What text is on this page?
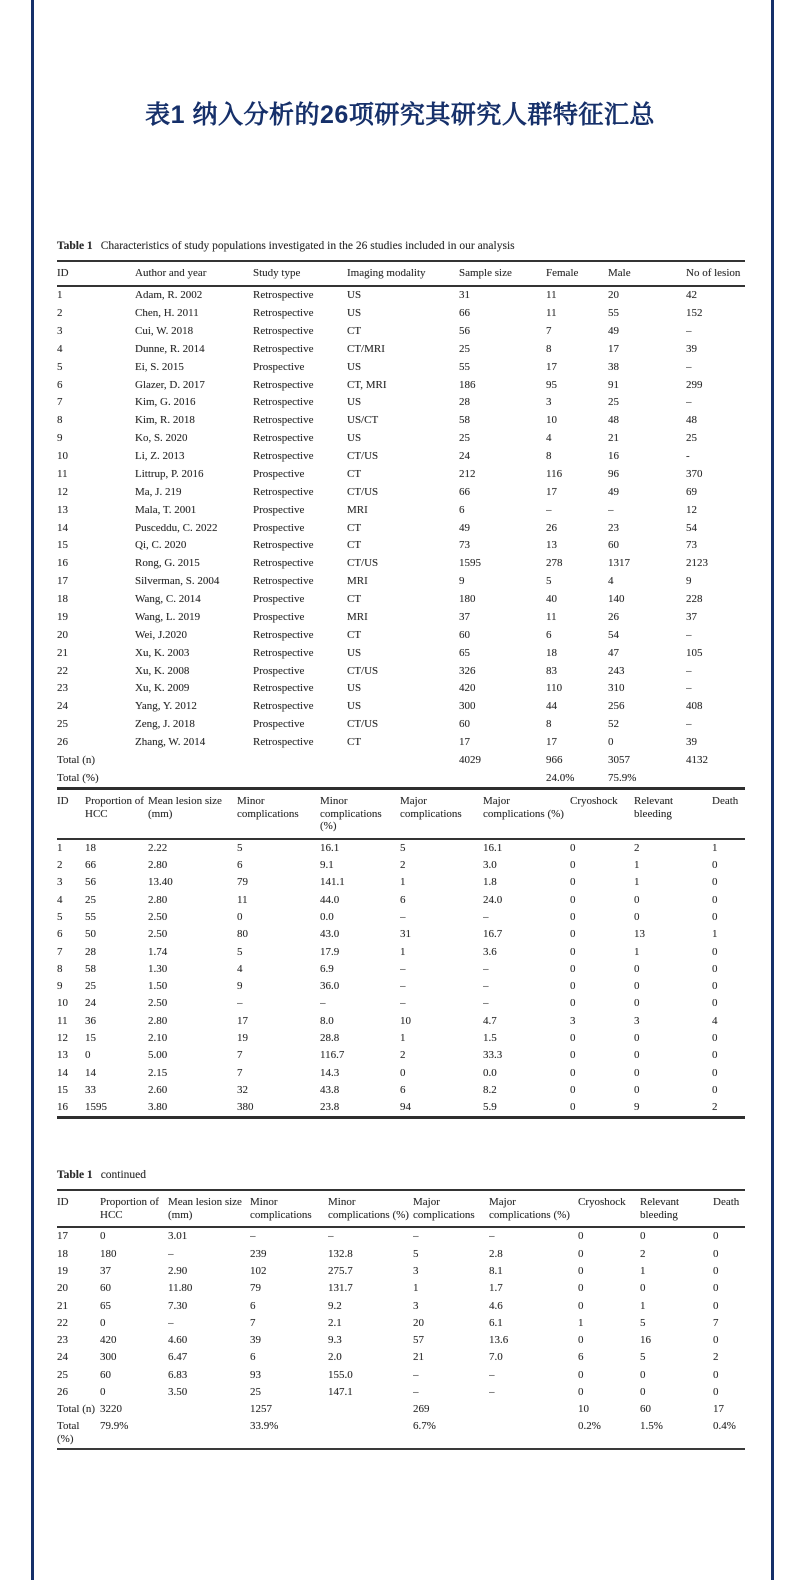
表1 纳入分析的26项研究其研究人群特征汇总

Table 1 Characteristics of study populations investigated in the 26 studies included in our analysis

ID	Author and year	Study type	Imaging modality	Sample size	Female	Male	No of lesion
1	Adam, R. 2002	Retrospective	US	31	11	20	42
2	Chen, H. 2011	Retrospective	US	66	11	55	152
3	Cui, W. 2018	Retrospective	CT	56	7	49	–
4	Dunne, R. 2014	Retrospective	CT/MRI	25	8	17	39
5	Ei, S. 2015	Prospective	US	55	17	38	–
6	Glazer, D. 2017	Retrospective	CT, MRI	186	95	91	299
7	Kim, G. 2016	Retrospective	US	28	3	25	–
8	Kim, R. 2018	Retrospective	US/CT	58	10	48	48
9	Ko, S. 2020	Retrospective	US	25	4	21	25
10	Li, Z. 2013	Retrospective	CT/US	24	8	16	-
11	Littrup, P. 2016	Prospective	CT	212	116	96	370
12	Ma, J. 219	Retrospective	CT/US	66	17	49	69
13	Mala, T. 2001	Prospective	MRI	6	–	–	12
14	Pusceddu, C. 2022	Prospective	CT	49	26	23	54
15	Qi, C. 2020	Retrospective	CT	73	13	60	73
16	Rong, G. 2015	Retrospective	CT/US	1595	278	1317	2123
17	Silverman, S. 2004	Retrospective	MRI	9	5	4	9
18	Wang, C. 2014	Prospective	CT	180	40	140	228
19	Wang, L. 2019	Prospective	MRI	37	11	26	37
20	Wei, J.2020	Retrospective	CT	60	6	54	–
21	Xu, K. 2003	Retrospective	US	65	18	47	105
22	Xu, K. 2008	Prospective	CT/US	326	83	243	–
23	Xu, K. 2009	Retrospective	US	420	110	310	–
24	Yang, Y. 2012	Retrospective	US	300	44	256	408
25	Zeng, J. 2018	Prospective	CT/US	60	8	52	–
26	Zhang, W. 2014	Retrospective	CT	17	17	0	39
Total (n)				4029	966	3057	4132
Total (%)					24.0%	75.9%	
ID	Proportion of HCC	Mean lesion size (mm)	Minor complications	Minor complications (%)	Major complications	Major complications (%)	Cryoshock	Relevant bleeding	Death
1	18	2.22	5	16.1	5	16.1	0	2	1
2	66	2.80	6	9.1	2	3.0	0	1	0
3	56	13.40	79	141.1	1	1.8	0	1	0
4	25	2.80	11	44.0	6	24.0	0	0	0
5	55	2.50	0	0.0	–	–	0	0	0
6	50	2.50	80	43.0	31	16.7	0	13	1
7	28	1.74	5	17.9	1	3.6	0	1	0
8	58	1.30	4	6.9	–	–	0	0	0
9	25	1.50	9	36.0	–	–	0	0	0
10	24	2.50	–	–	–	–	0	0	0
11	36	2.80	17	8.0	10	4.7	3	3	4
12	15	2.10	19	28.8	1	1.5	0	0	0
13	0	5.00	7	116.7	2	33.3	0	0	0
14	14	2.15	7	14.3	0	0.0	0	0	0
15	33	2.60	32	43.8	6	8.2	0	0	0
16	1595	3.80	380	23.8	94	5.9	0	9	2

Table 1 continued

ID	Proportion of HCC	Mean lesion size (mm)	Minor complications	Minor complications (%)	Major complications	Major complications (%)	Cryoshock	Relevant bleeding	Death
17	0	3.01	–	–	–	–	0	0	0
18	180	–	239	132.8	5	2.8	0	2	0
19	37	2.90	102	275.7	3	8.1	0	1	0
20	60	11.80	79	131.7	1	1.7	0	0	0
21	65	7.30	6	9.2	3	4.6	0	1	0
22	0	–	7	2.1	20	6.1	1	5	7
23	420	4.60	39	9.3	57	13.6	0	16	0
24	300	6.47	6	2.0	21	7.0	6	5	2
25	60	6.83	93	155.0	–	–	0	0	0
26	0	3.50	25	147.1	–	–	0	0	0
Total (n)	3220		1257		269		10	60	17
Total (%)	79.9%		33.9%		6.7%		0.2%	1.5%	0.4%
